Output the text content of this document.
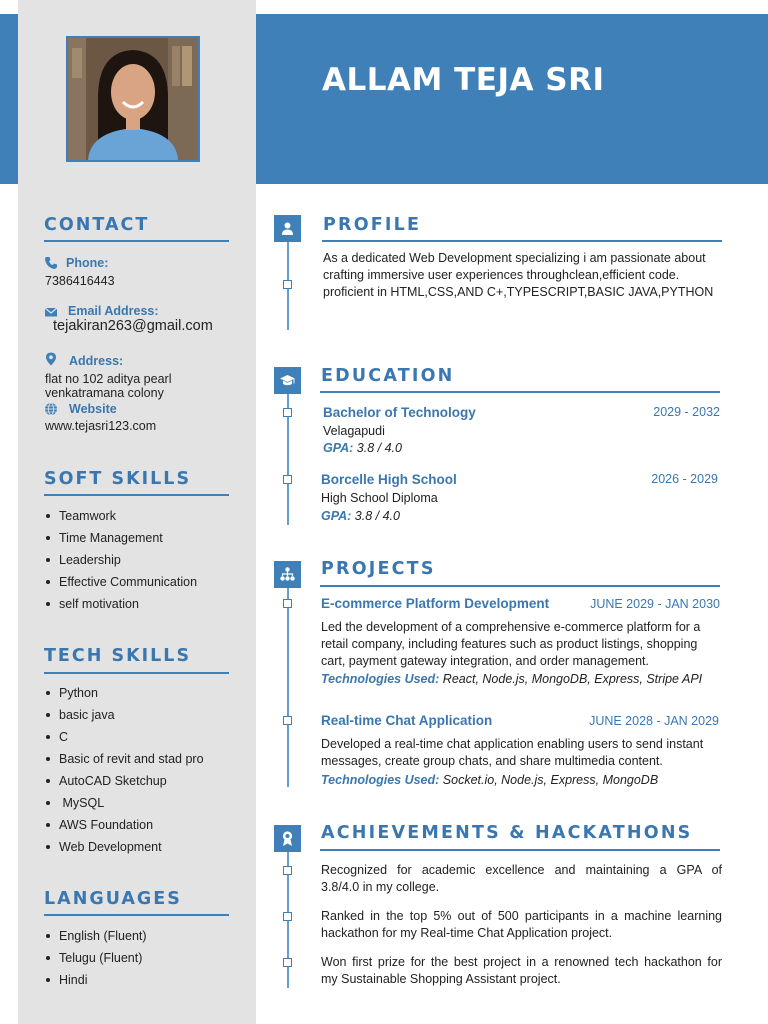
ALLAM TEJA SRI
CONTACT
Phone:
7386416443
Email Address:
tejakiran263@gmail.com
Address:
flat no 102 aditya pearl
venkatramana colony
Website
www.tejasri123.com
SOFT SKILLS
Teamwork
Time Management
Leadership
Effective Communication
self motivation
TECH SKILLS
Python
basic java
C
Basic of revit and stad pro
AutoCAD Sketchup
MySQL
AWS Foundation
Web Development
LANGUAGES
English (Fluent)
Telugu (Fluent)
Hindi
PROFILE
As a dedicated Web Development specializing i am passionate about
crafting immersive user experiences throughclean,efficient code.
proficient in HTML,CSS,AND C+,TYPESCRIPT,BASIC JAVA,PYTHON
EDUCATION
Bachelor of Technology	2029 - 2032
Velagapudi
GPA: 3.8 / 4.0
Borcelle High School	2026 - 2029
High School Diploma
GPA: 3.8 / 4.0
PROJECTS
E-commerce Platform Development	JUNE 2029 - JAN 2030
Led the development of a comprehensive e-commerce platform for a
retail company, including features such as product listings, shopping
cart, payment gateway integration, and order management.
Technologies Used: React, Node.js, MongoDB, Express, Stripe API
Real-time Chat Application	JUNE 2028 - JAN 2029
Developed a real-time chat application enabling users to send instant
messages, create group chats, and share multimedia content.
Technologies Used: Socket.io, Node.js, Express, MongoDB
ACHIEVEMENTS & HACKATHONS
Recognized for academic excellence and maintaining a GPA of
3.8/4.0 in my college.
Ranked in the top 5% out of 500 participants in a machine learning
hackathon for my Real-time Chat Application project.
Won first prize for the best project in a renowned tech hackathon for
my Sustainable Shopping Assistant project.
